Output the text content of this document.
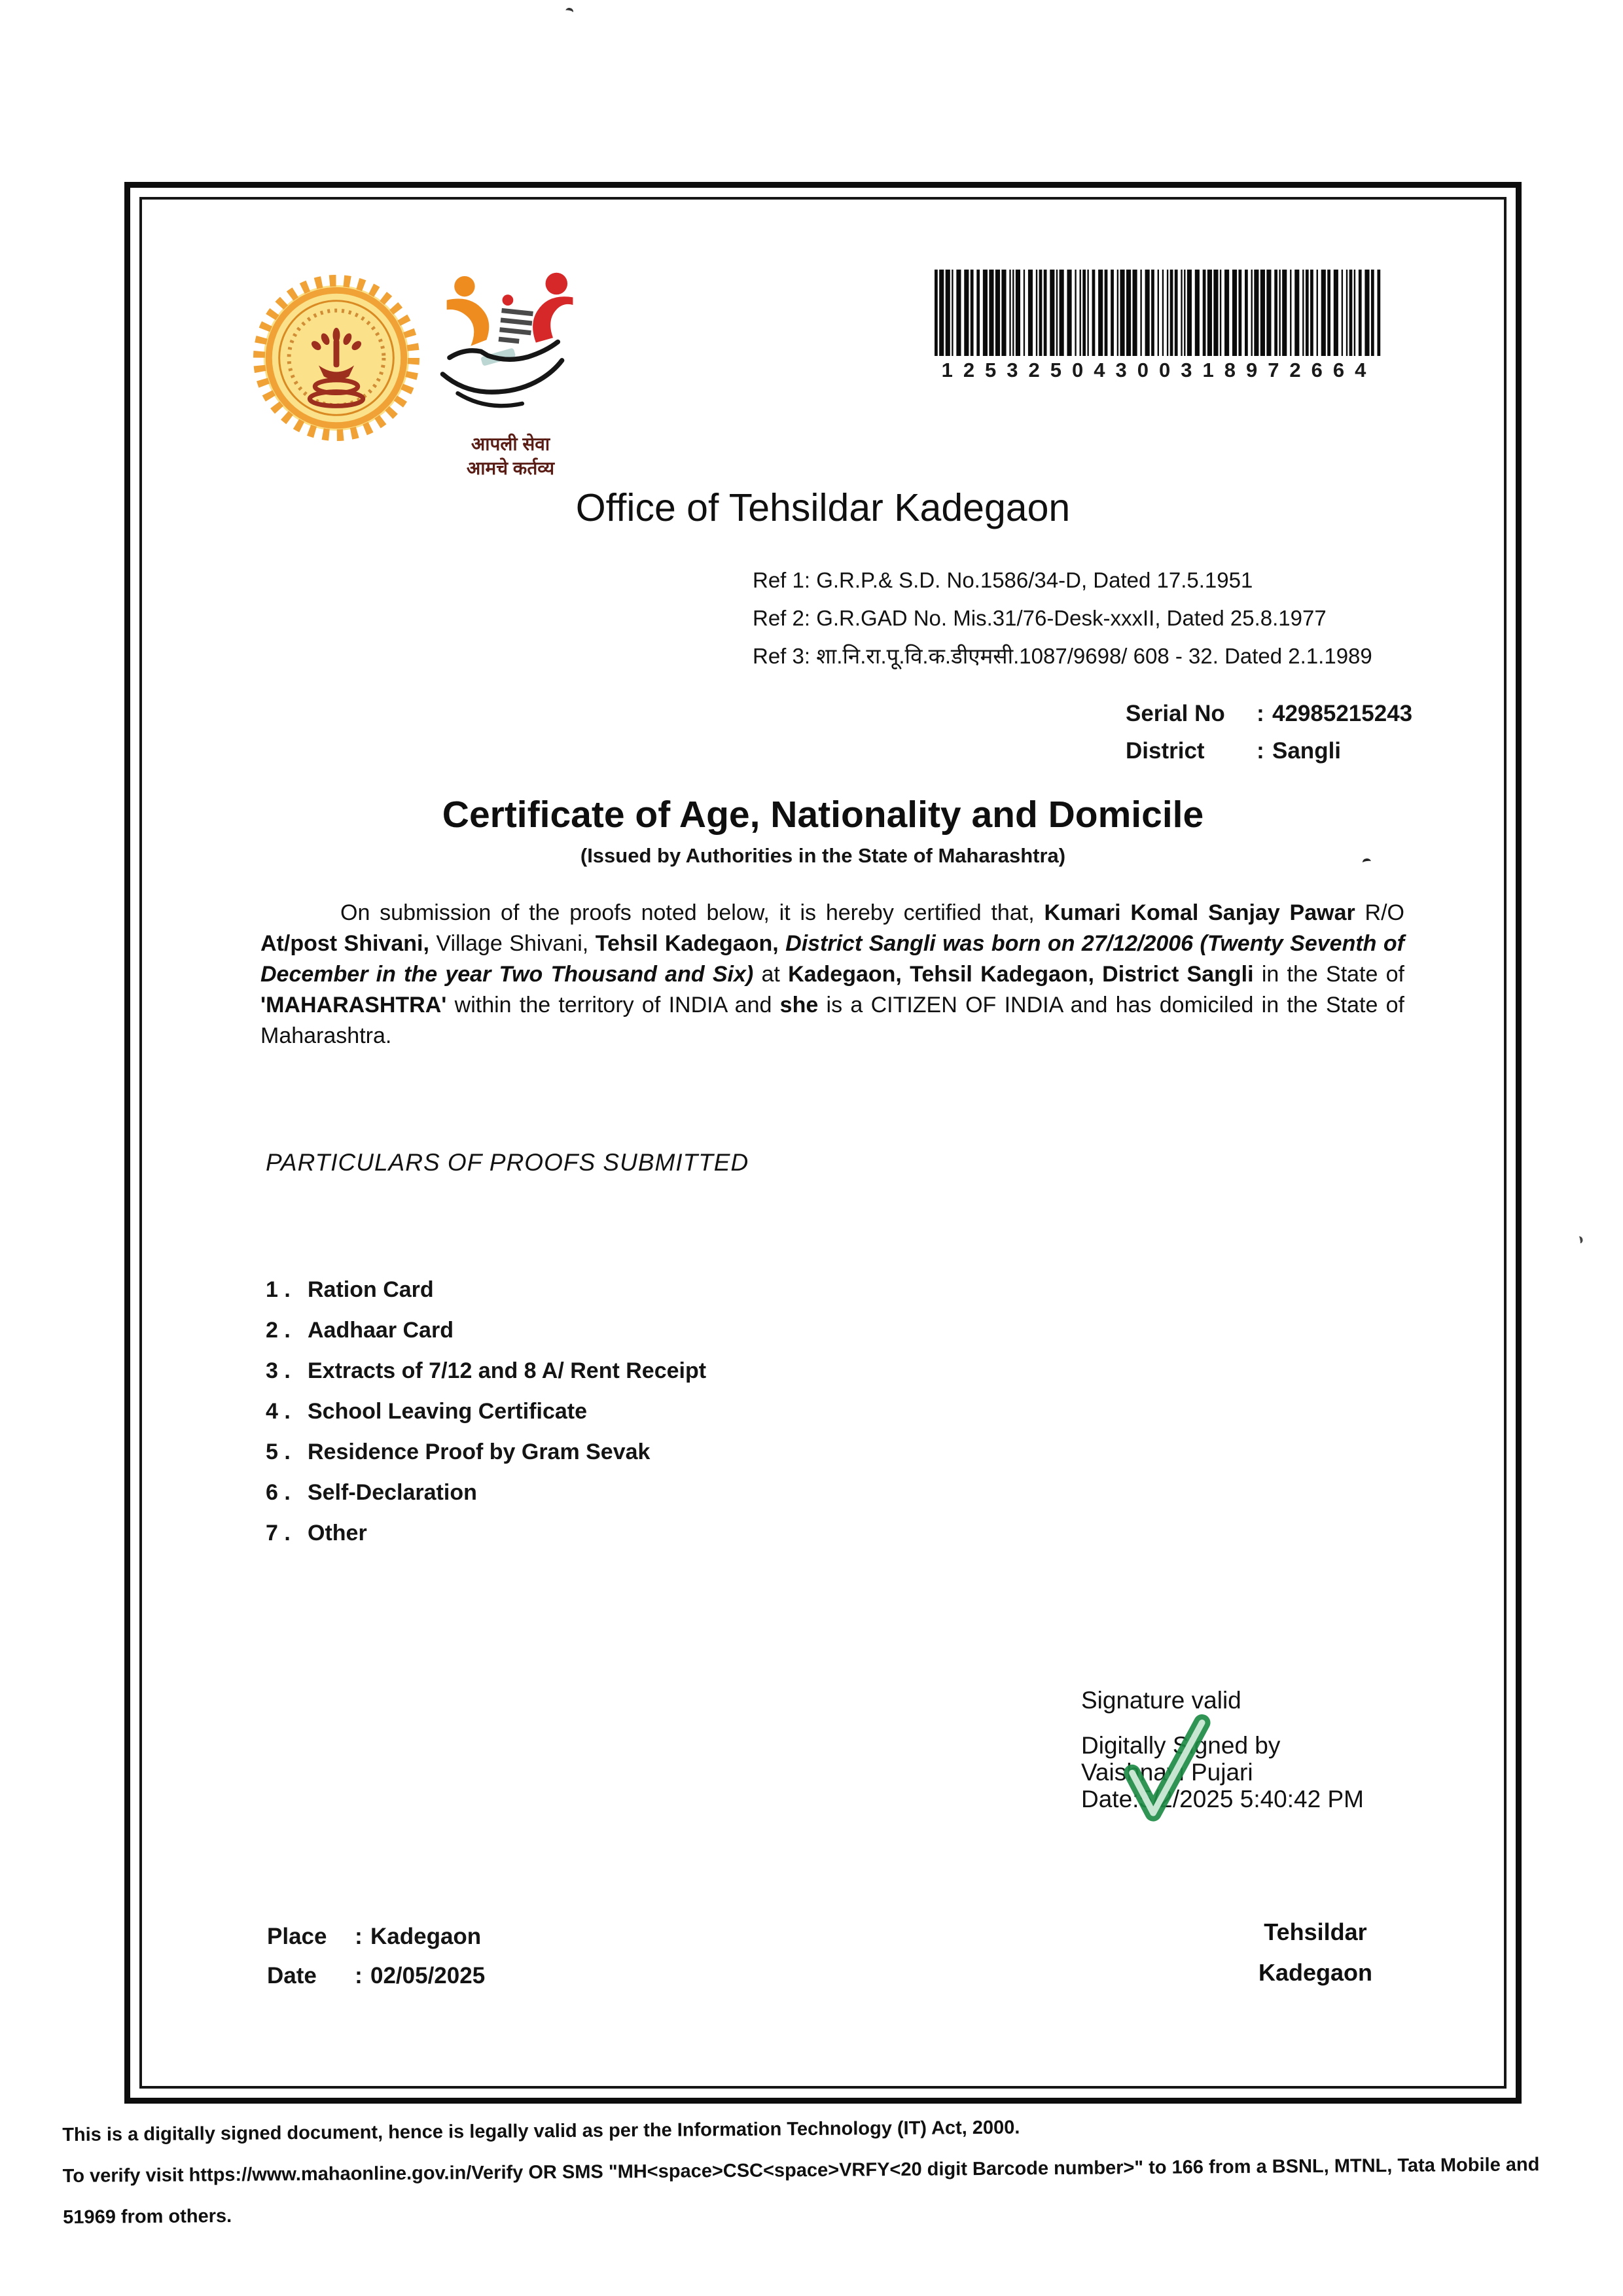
आपली सेवा
आमचे कर्तव्य
12532504300318972664
Office of Tehsildar Kadegaon
Ref 1: G.R.P.& S.D. No.1586/34-D, Dated 17.5.1951
Ref 2: G.R.GAD No. Mis.31/76-Desk-xxxII, Dated 25.8.1977
Ref 3: शा.नि.रा.पू.वि.क.डीएमसी.1087/9698/ 608 - 32. Dated 2.1.1989
Serial No	: 42985215243
District	: Sangli
Certificate of Age, Nationality and Domicile
(Issued by Authorities in the State of Maharashtra)
On submission of the proofs noted below, it is hereby certified that, Kumari Komal Sanjay Pawar R/O At/post Shivani, Village Shivani, Tehsil Kadegaon, District Sangli was born on 27/12/2006 (Twenty Seventh of December in the year Two Thousand and Six) at Kadegaon, Tehsil Kadegaon, District Sangli in the State of 'MAHARASHTRA' within the territory of INDIA and she is a CITIZEN OF INDIA and has domiciled in the State of Maharashtra.
PARTICULARS OF PROOFS SUBMITTED
1 . Ration Card
2 . Aadhaar Card
3 . Extracts of 7/12 and 8 A/ Rent Receipt
4 . School Leaving Certificate
5 . Residence Proof by Gram Sevak
6 . Self-Declaration
7 . Other
Signature valid
Digitally Signed by
Vaishnavi Pujari
Date:5/2/2025 5:40:42 PM
Place	: Kadegaon
Date	: 02/05/2025
Tehsildar
Kadegaon
This is a digitally signed document, hence is legally valid as per the Information Technology (IT) Act, 2000.
To verify visit https://www.mahaonline.gov.in/Verify OR SMS "MH<space>CSC<space>VRFY<20 digit Barcode number>" to 166 from a BSNL, MTNL, Tata Mobile and
51969 from others.
